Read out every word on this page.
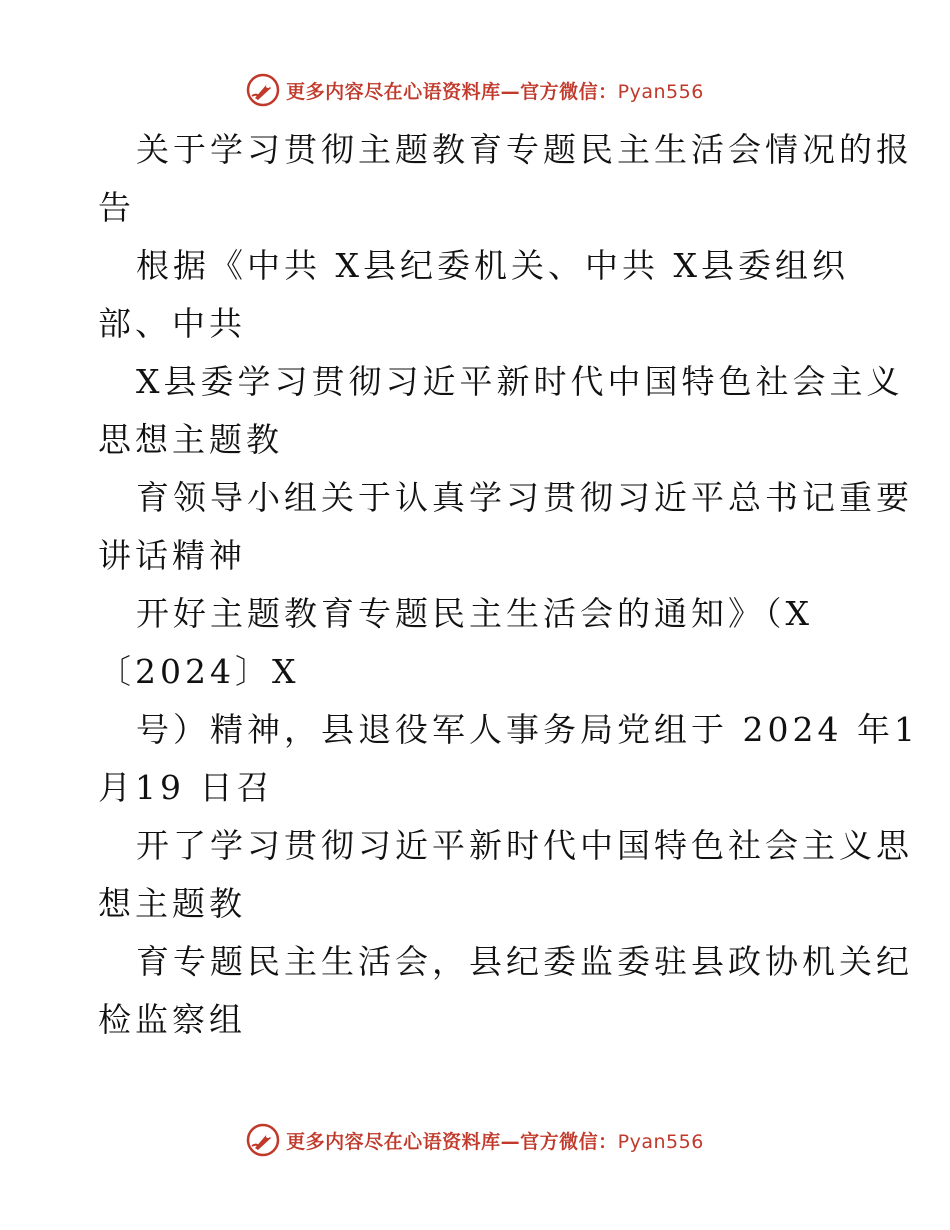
更多内容尽在心语资料库—官方微信：Pyan556
关于学习贯彻主题教育专题民主生活会情况的报
告
根据《中共 X县纪委机关、中共 X县委组织
部、中共
X县委学习贯彻习近平新时代中国特色社会主义
思想主题教
育领导小组关于认真学习贯彻习近平总书记重要
讲话精神
开好主题教育专题民主生活会的通知》（X
〔2024〕X
号）精神，县退役军人事务局党组于 2024 年1
月19 日召
开了学习贯彻习近平新时代中国特色社会主义思
想主题教
育专题民主生活会，县纪委监委驻县政协机关纪
检监察组
更多内容尽在心语资料库—官方微信：Pyan556
